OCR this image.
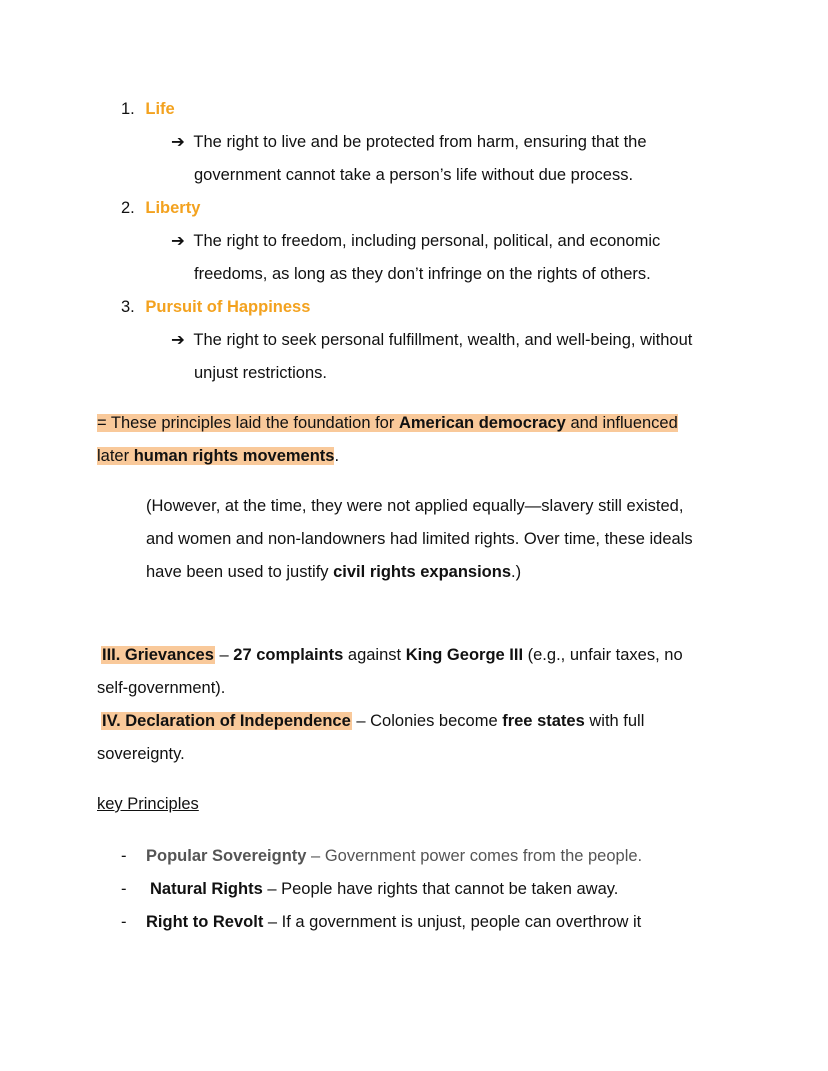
1. Life
➔ The right to live and be protected from harm, ensuring that the
government cannot take a person’s life without due process.
2. Liberty
➔ The right to freedom, including personal, political, and economic
freedoms, as long as they don’t infringe on the rights of others.
3. Pursuit of Happiness
➔ The right to seek personal fulfillment, wealth, and well-being, without
unjust restrictions.
= These principles laid the foundation for American democracy and influenced
later human rights movements.
(However, at the time, they were not applied equally—slavery still existed,
and women and non-landowners had limited rights. Over time, these ideals
have been used to justify civil rights expansions.)
III. Grievances – 27 complaints against King George III (e.g., unfair taxes, no
self-government).
IV. Declaration of Independence – Colonies become free states with full
sovereignty.
key Principles
- Popular Sovereignty – Government power comes from the people.
- Natural Rights – People have rights that cannot be taken away.
- Right to Revolt – If a government is unjust, people can overthrow it
